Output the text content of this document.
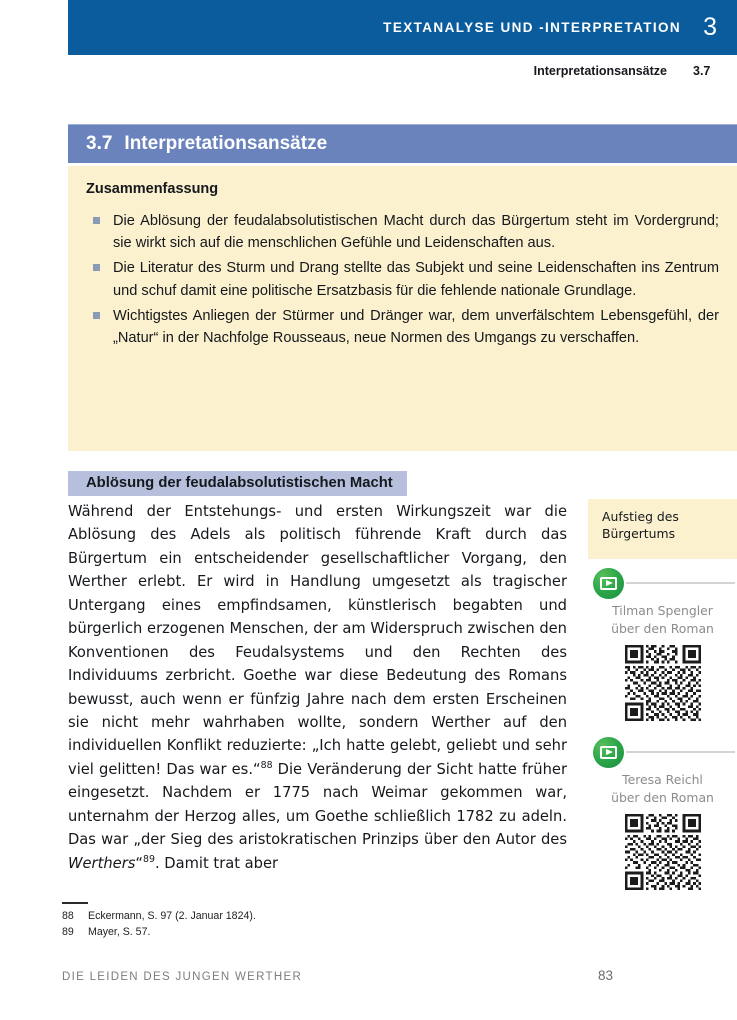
TEXTANALYSE UND -INTERPRETATION 3
Interpretationsansätze 3.7
3.7 Interpretationsansätze
Zusammenfassung
Die Ablösung der feudalabsolutistischen Macht durch das Bürgertum steht im Vordergrund; sie wirkt sich auf die menschlichen Gefühle und Leidenschaften aus.
Die Literatur des Sturm und Drang stellte das Subjekt und seine Leidenschaften ins Zentrum und schuf damit eine politische Ersatzbasis für die fehlende nationale Grundlage.
Wichtigstes Anliegen der Stürmer und Dränger war, dem unverfälschtem Lebensgefühl, der „Natur“ in der Nachfolge Rousseaus, neue Normen des Umgangs zu verschaffen.
Ablösung der feudalabsolutistischen Macht
Während der Entstehungs- und ersten Wirkungszeit war die Ablösung des Adels als politisch führende Kraft durch das Bürgertum ein entscheidender gesellschaftlicher Vorgang, den Werther erlebt. Er wird in Handlung umgesetzt als tragischer Untergang eines empfindsamen, künstlerisch begabten und bürgerlich erzogenen Menschen, der am Widerspruch zwischen den Konventionen des Feudalsystems und den Rechten des Individuums zerbricht. Goethe war diese Bedeutung des Romans bewusst, auch wenn er fünfzig Jahre nach dem ersten Erscheinen sie nicht mehr wahrhaben wollte, sondern Werther auf den individuellen Konflikt reduzierte: „Ich hatte gelebt, geliebt und sehr viel gelitten! Das war es.“$^{88}$ Die Veränderung der Sicht hatte früher eingesetzt. Nachdem er 1775 nach Weimar gekommen war, unternahm der Herzog alles, um Goethe schließlich 1782 zu adeln. Das war „der Sieg des aristokratischen Prinzips über den Autor des Werthers“$^{89}$. Damit trat aber
Aufstieg des Bürgertums
Tilman Spengler
über den Roman
Teresa Reichl
über den Roman
88	Eckermann, S. 97 (2. Januar 1824).
89	Mayer, S. 57.
DIE LEIDEN DES JUNGEN WERTHER	83
